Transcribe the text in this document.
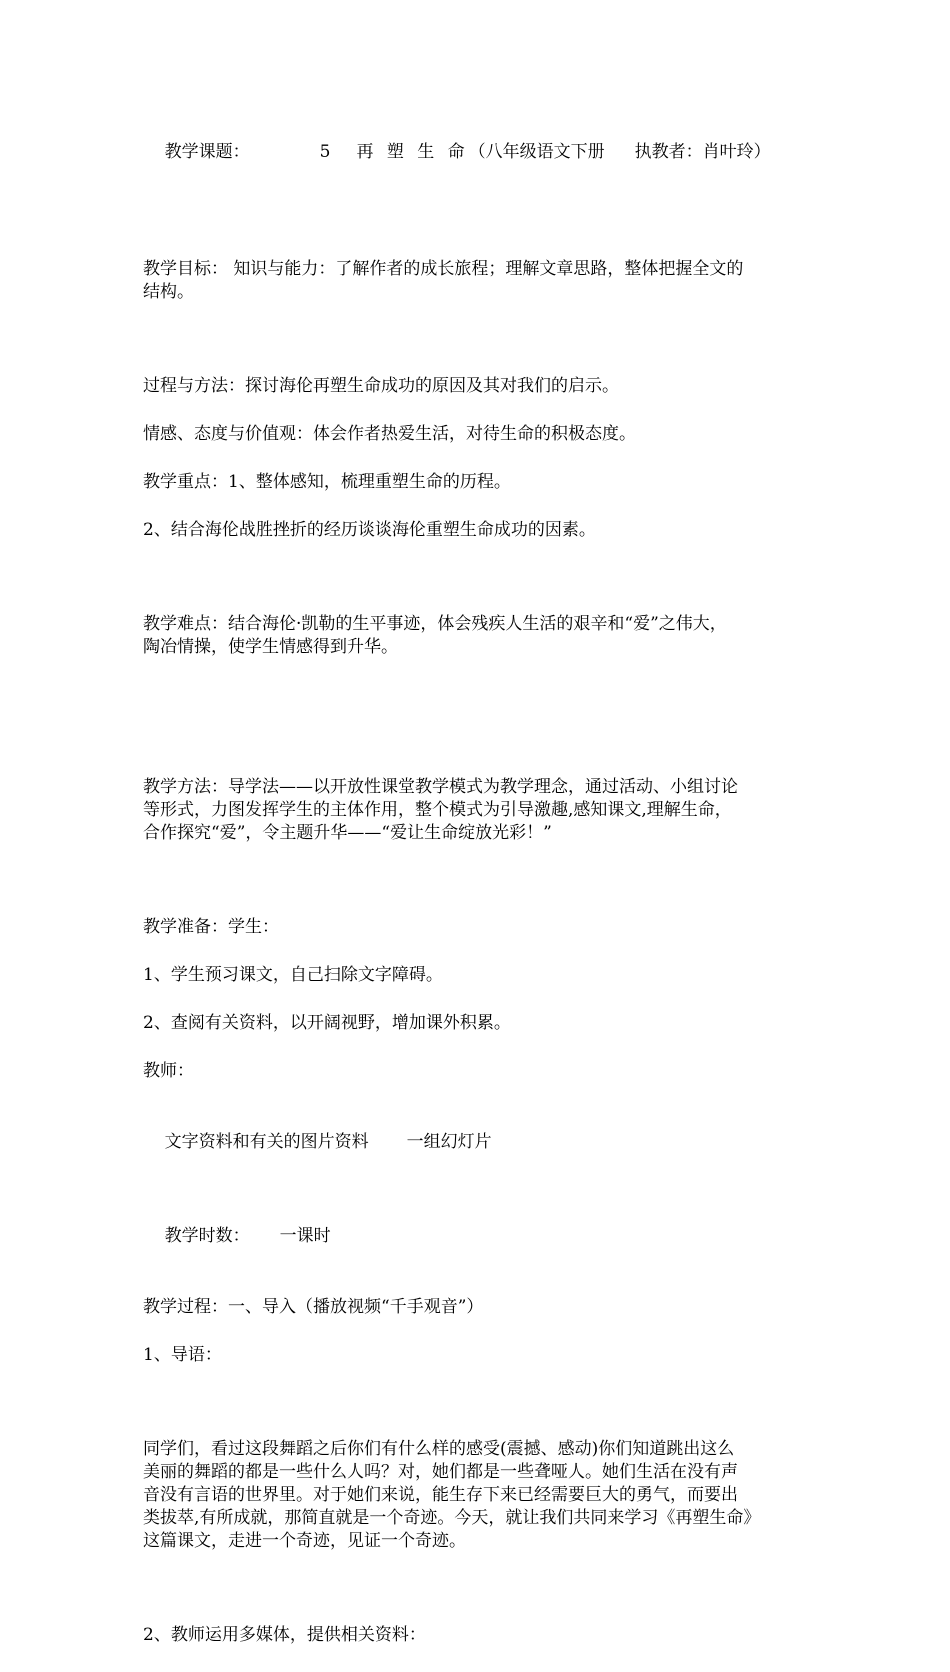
教学课题：	5 再 塑 生 命（八年级语文下册 执教者：肖叶玲）

教学目标： 知识与能力：了解作者的成长旅程；理解文章思路，整体把握全文的
结构。

过程与方法：探讨海伦再塑生命成功的原因及其对我们的启示。

情感、态度与价值观：体会作者热爱生活，对待生命的积极态度。

教学重点：1、整体感知，梳理重塑生命的历程。

2、结合海伦战胜挫折的经历谈谈海伦重塑生命成功的因素。

教学难点：结合海伦·凯勒的生平事迹，体会残疾人生活的艰辛和“爱”之伟大，
陶冶情操，使学生情感得到升华。

教学方法：导学法——以开放性课堂教学模式为教学理念，通过活动、小组讨论
等形式，力图发挥学生的主体作用，整个模式为引导激趣,感知课文,理解生命，
合作探究“爱”，令主题升华——“爱让生命绽放光彩！”

教学准备：学生：

1、学生预习课文，自己扫除文字障碍。

2、查阅有关资料，以开阔视野，增加课外积累。

教师：

文字资料和有关的图片资料 一组幻灯片

教学时数： 一课时

教学过程：一、导入（播放视频“千手观音”）

1、导语：

同学们，看过这段舞蹈之后你们有什么样的感受(震撼、感动)你们知道跳出这么
美丽的舞蹈的都是一些什么人吗？对，她们都是一些聋哑人。她们生活在没有声
音没有言语的世界里。对于她们来说，能生存下来已经需要巨大的勇气，而要出
类拔萃,有所成就，那简直就是一个奇迹。今天，就让我们共同来学习《再塑生命》
这篇课文，走进一个奇迹，见证一个奇迹。

2、教师运用多媒体，提供相关资料：
